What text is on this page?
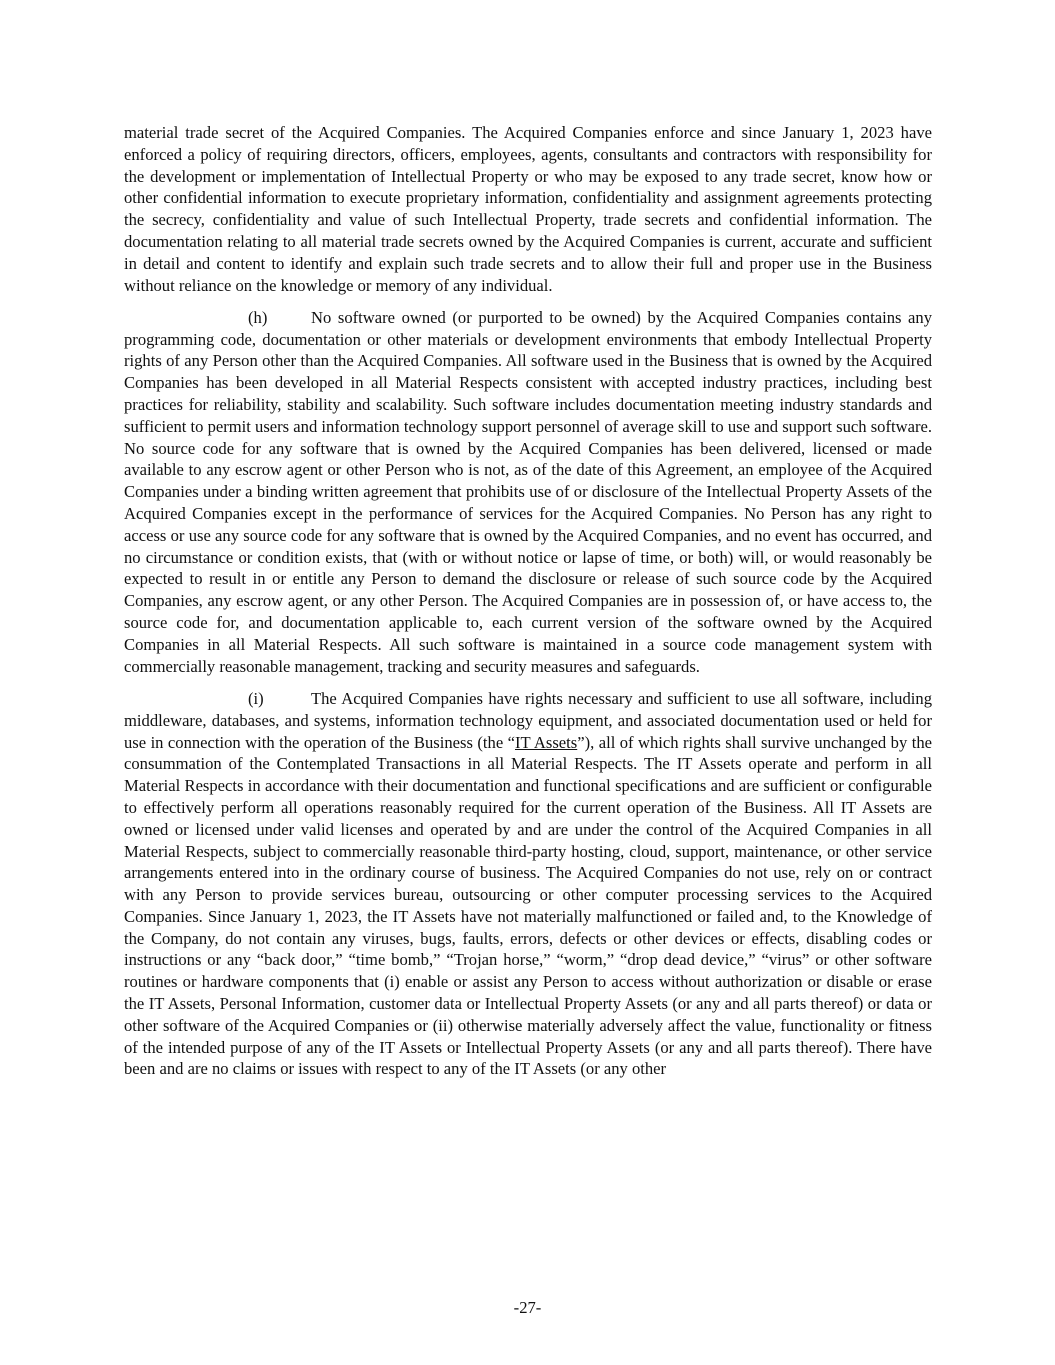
material trade secret of the Acquired Companies. The Acquired Companies enforce and since January 1, 2023 have enforced a policy of requiring directors, officers, employees, agents, consultants and contractors with responsibility for the development or implementation of Intellectual Property or who may be exposed to any trade secret, know how or other confidential information to execute proprietary information, confidentiality and assignment agreements protecting the secrecy, confidentiality and value of such Intellectual Property, trade secrets and confidential information. The documentation relating to all material trade secrets owned by the Acquired Companies is current, accurate and sufficient in detail and content to identify and explain such trade secrets and to allow their full and proper use in the Business without reliance on the knowledge or memory of any individual.

(h)	No software owned (or purported to be owned) by the Acquired Companies contains any programming code, documentation or other materials or development environments that embody Intellectual Property rights of any Person other than the Acquired Companies. All software used in the Business that is owned by the Acquired Companies has been developed in all Material Respects consistent with accepted industry practices, including best practices for reliability, stability and scalability. Such software includes documentation meeting industry standards and sufficient to permit users and information technology support personnel of average skill to use and support such software. No source code for any software that is owned by the Acquired Companies has been delivered, licensed or made available to any escrow agent or other Person who is not, as of the date of this Agreement, an employee of the Acquired Companies under a binding written agreement that prohibits use of or disclosure of the Intellectual Property Assets of the Acquired Companies except in the performance of services for the Acquired Companies. No Person has any right to access or use any source code for any software that is owned by the Acquired Companies, and no event has occurred, and no circumstance or condition exists, that (with or without notice or lapse of time, or both) will, or would reasonably be expected to result in or entitle any Person to demand the disclosure or release of such source code by the Acquired Companies, any escrow agent, or any other Person. The Acquired Companies are in possession of, or have access to, the source code for, and documentation applicable to, each current version of the software owned by the Acquired Companies in all Material Respects. All such software is maintained in a source code management system with commercially reasonable management, tracking and security measures and safeguards.

(i)	The Acquired Companies have rights necessary and sufficient to use all software, including middleware, databases, and systems, information technology equipment, and associated documentation used or held for use in connection with the operation of the Business (the “IT Assets”), all of which rights shall survive unchanged by the consummation of the Contemplated Transactions in all Material Respects. The IT Assets operate and perform in all Material Respects in accordance with their documentation and functional specifications and are sufficient or configurable to effectively perform all operations reasonably required for the current operation of the Business. All IT Assets are owned or licensed under valid licenses and operated by and are under the control of the Acquired Companies in all Material Respects, subject to commercially reasonable third-party hosting, cloud, support, maintenance, or other service arrangements entered into in the ordinary course of business. The Acquired Companies do not use, rely on or contract with any Person to provide services bureau, outsourcing or other computer processing services to the Acquired Companies. Since January 1, 2023, the IT Assets have not materially malfunctioned or failed and, to the Knowledge of the Company, do not contain any viruses, bugs, faults, errors, defects or other devices or effects, disabling codes or instructions or any “back door,” “time bomb,” “Trojan horse,” “worm,” “drop dead device,” “virus” or other software routines or hardware components that (i) enable or assist any Person to access without authorization or disable or erase the IT Assets, Personal Information, customer data or Intellectual Property Assets (or any and all parts thereof) or data or other software of the Acquired Companies or (ii) otherwise materially adversely affect the value, functionality or fitness of the intended purpose of any of the IT Assets or Intellectual Property Assets (or any and all parts thereof). There have been and are no claims or issues with respect to any of the IT Assets (or any other

-27-
